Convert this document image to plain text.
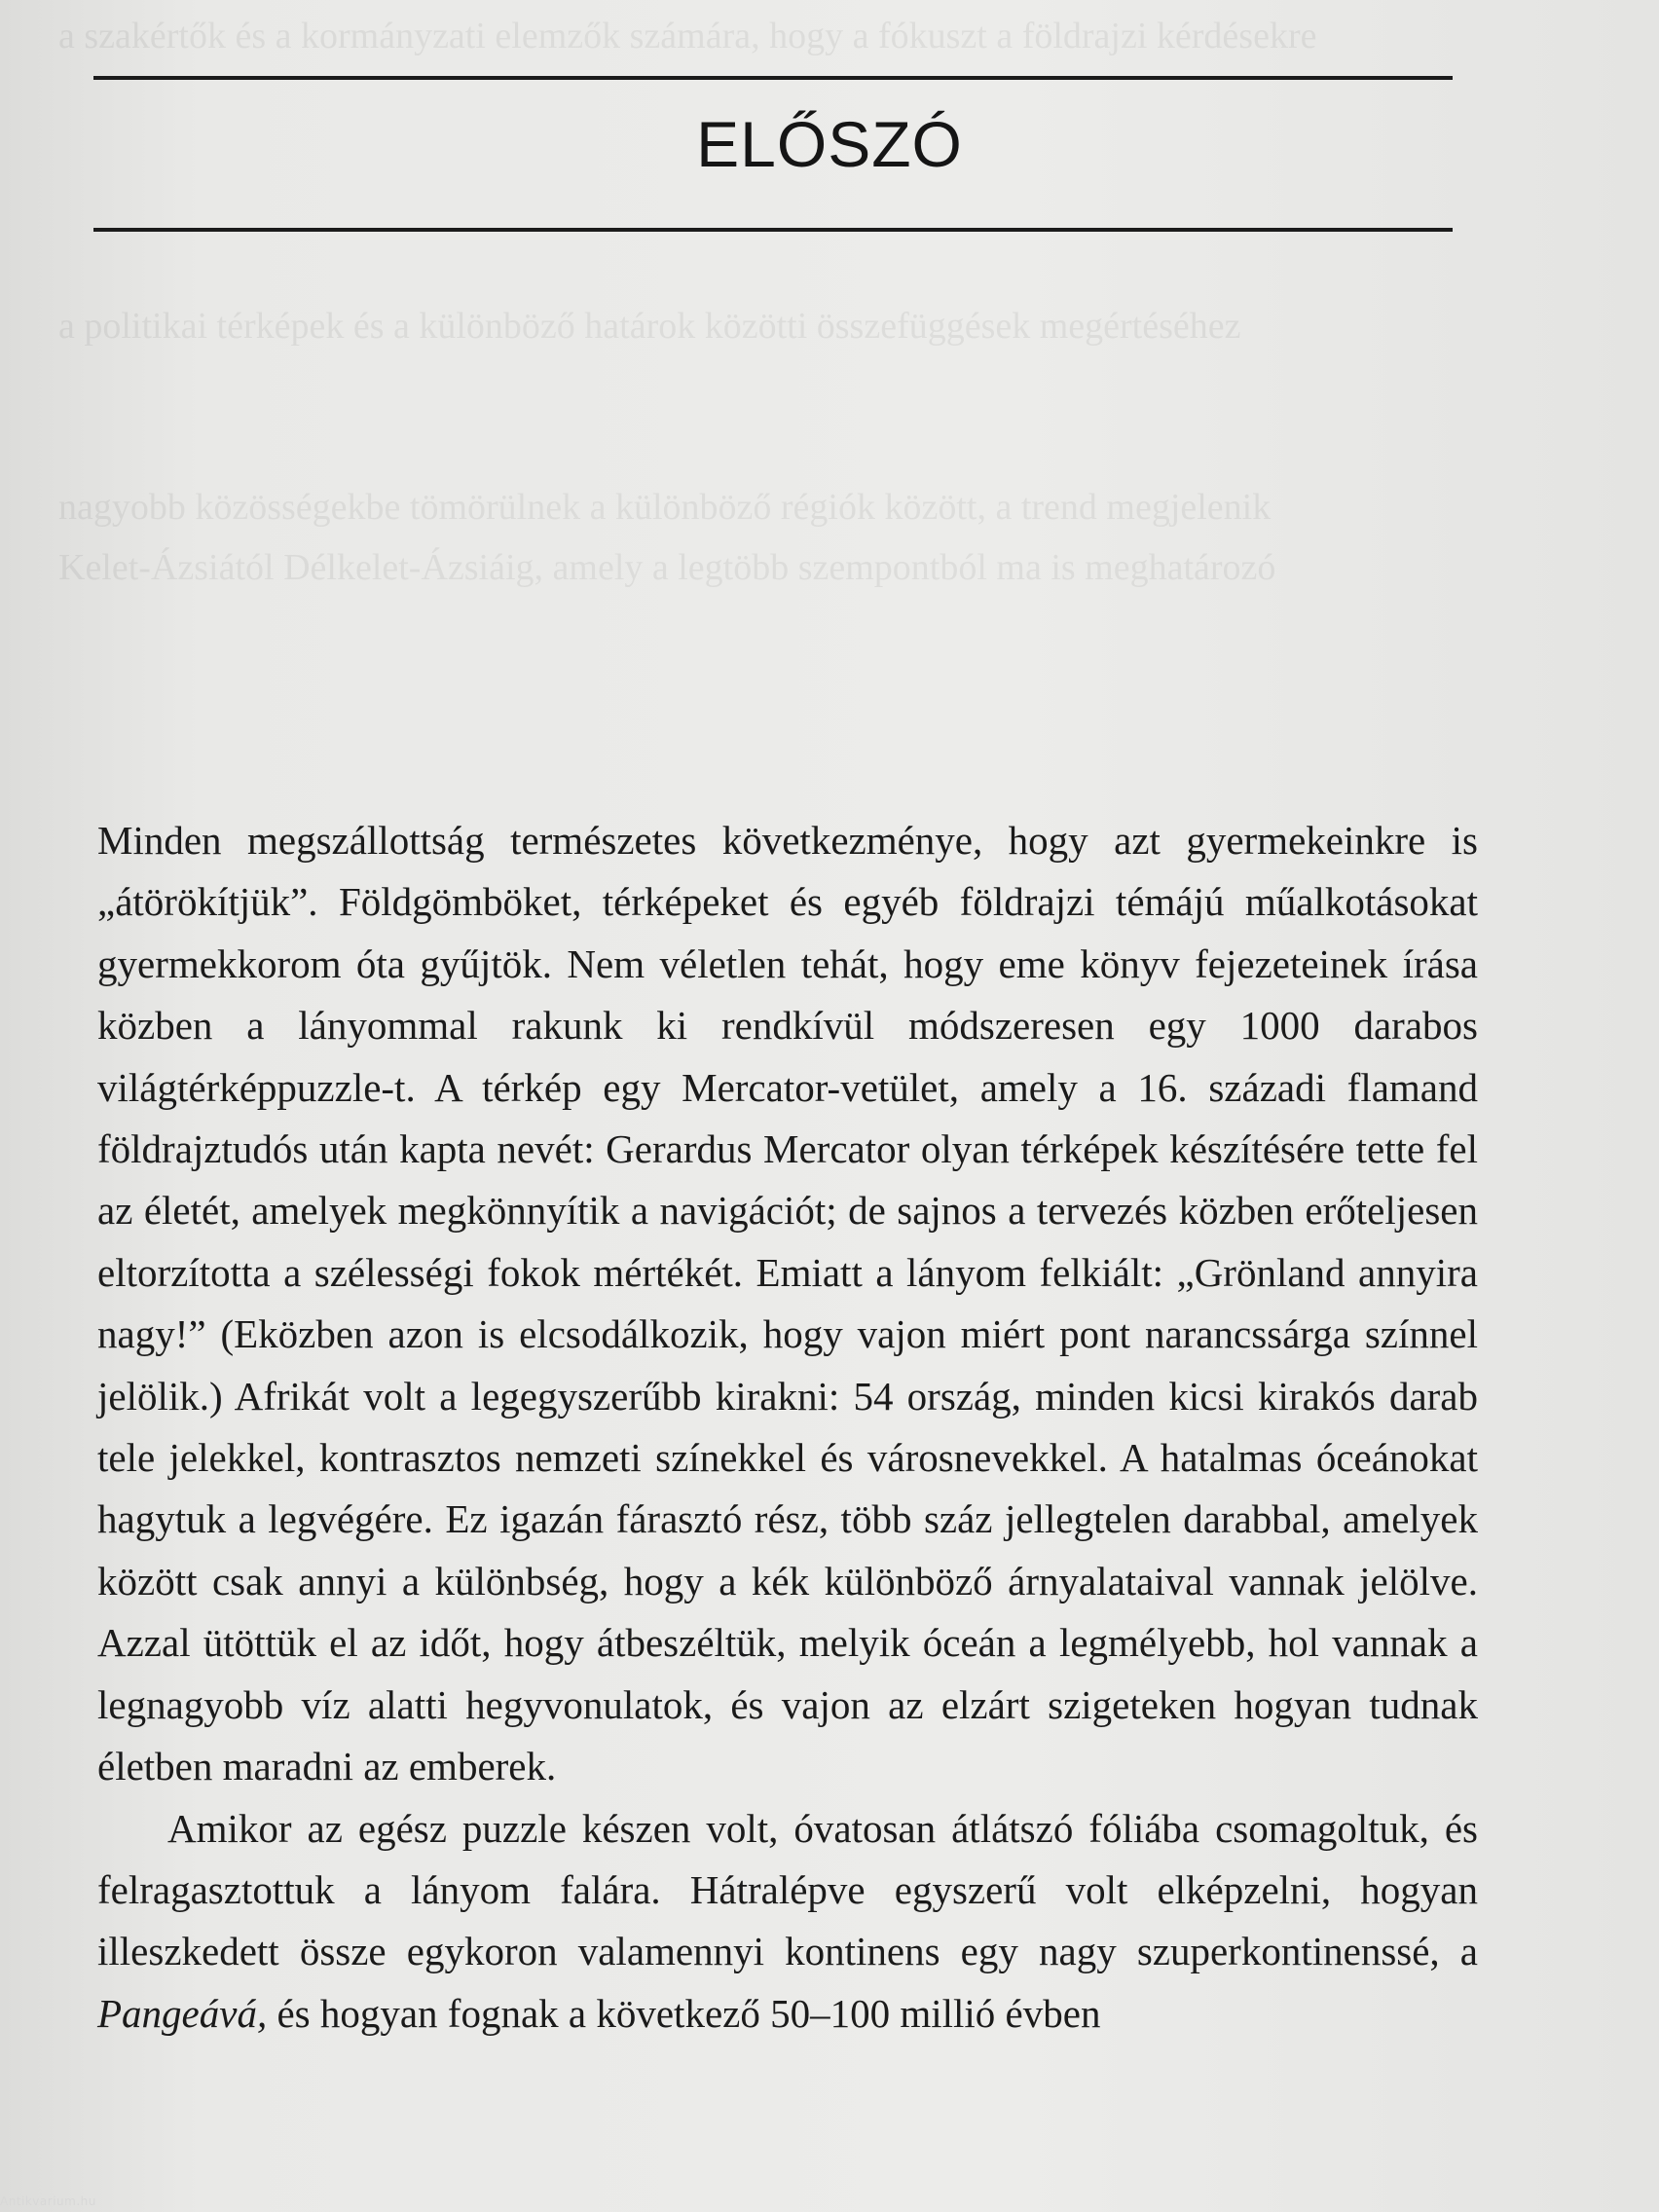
a szakértők és a kormányzati elemzők számára, hogy a fókuszt a földrajzi kérdésekre
a politikai térképek és a különböző határok közötti összefüggések megértéséhez
nagyobb közösségekbe tömörülnek a különböző régiók között, a trend megjelenik
Kelet-Ázsiától Délkelet-Ázsiáig, amely a legtöbb szempontból ma is meghatározó
ELŐSZÓ

Minden megszállottság természetes következménye, hogy azt gyermekeinkre is „átörökítjük”. Földgömböket, térképeket és egyéb földrajzi témájú műalkotásokat gyermekkorom óta gyűjtök. Nem véletlen tehát, hogy eme könyv fejezeteinek írása közben a lányommal rakunk ki rendkívül módszeresen egy 1000 darabos világtérképpuzzle-t. A térkép egy Mercator-vetület, amely a 16. századi flamand földrajztudós után kapta nevét: Gerardus Mercator olyan térképek készítésére tette fel az életét, amelyek megkönnyítik a navigációt; de sajnos a tervezés közben erőteljesen eltorzította a szélességi fokok mértékét. Emiatt a lányom felkiált: „Grönland annyira nagy!” (Eközben azon is elcsodálkozik, hogy vajon miért pont narancssárga színnel jelölik.) Afrikát volt a legegyszerűbb kirakni: 54 ország, minden kicsi kirakós darab tele jelekkel, kontrasztos nemzeti színekkel és városnevekkel. A hatalmas óceánokat hagytuk a legvégére. Ez igazán fárasztó rész, több száz jellegtelen darabbal, amelyek között csak annyi a különbség, hogy a kék különböző árnyalataival vannak jelölve. Azzal ütöttük el az időt, hogy átbeszéltük, melyik óceán a legmélyebb, hol vannak a legnagyobb víz alatti hegyvonulatok, és vajon az elzárt szigeteken hogyan tudnak életben maradni az emberek.

Amikor az egész puzzle készen volt, óvatosan átlátszó fóliába csomagoltuk, és felragasztottuk a lányom falára. Hátralépve egyszerű volt elképzelni, hogyan illeszkedett össze egykoron valamennyi kontinens egy nagy szuperkontinenssé, a Pangeává, és hogyan fognak a következő 50–100 millió évben

Antikvarium.hu
